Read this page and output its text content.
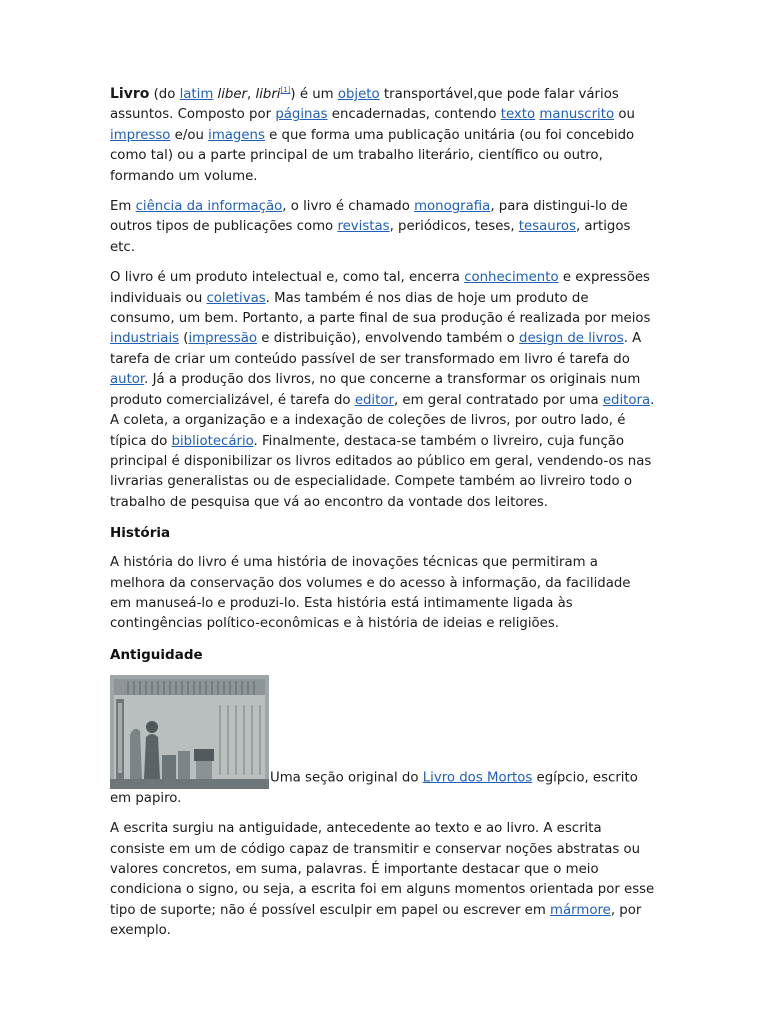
Livro (do latim liber, libri[1]) é um objeto transportável,que pode falar vários assuntos. Composto por páginas encadernadas, contendo texto manuscrito ou impresso e/ou imagens e que forma uma publicação unitária (ou foi concebido como tal) ou a parte principal de um trabalho literário, científico ou outro, formando um volume.

Em ciência da informação, o livro é chamado monografia, para distingui-lo de outros tipos de publicações como revistas, periódicos, teses, tesauros, artigos etc.

O livro é um produto intelectual e, como tal, encerra conhecimento e expressões individuais ou coletivas. Mas também é nos dias de hoje um produto de consumo, um bem. Portanto, a parte final de sua produção é realizada por meios industriais (impressão e distribuição), envolvendo também o design de livros. A tarefa de criar um conteúdo passível de ser transformado em livro é tarefa do autor. Já a produção dos livros, no que concerne a transformar os originais num produto comercializável, é tarefa do editor, em geral contratado por uma editora. A coleta, a organização e a indexação de coleções de livros, por outro lado, é típica do bibliotecário. Finalmente, destaca-se também o livreiro, cuja função principal é disponibilizar os livros editados ao público em geral, vendendo-os nas livrarias generalistas ou de especialidade. Compete também ao livreiro todo o trabalho de pesquisa que vá ao encontro da vontade dos leitores.

História

A história do livro é uma história de inovações técnicas que permitiram a melhora da conservação dos volumes e do acesso à informação, da facilidade em manuseá-lo e produzi-lo. Esta história está intimamente ligada às contingências político-econômicas e à história de ideias e religiões.

Antiguidade
Uma seção original do Livro dos Mortos egípcio, escrito em papiro.

A escrita surgiu na antiguidade, antecedente ao texto e ao livro. A escrita consiste em um de código capaz de transmitir e conservar noções abstratas ou valores concretos, em suma, palavras. É importante destacar que o meio condiciona o signo, ou seja, a escrita foi em alguns momentos orientada por esse tipo de suporte; não é possível esculpir em papel ou escrever em mármore, por exemplo.
